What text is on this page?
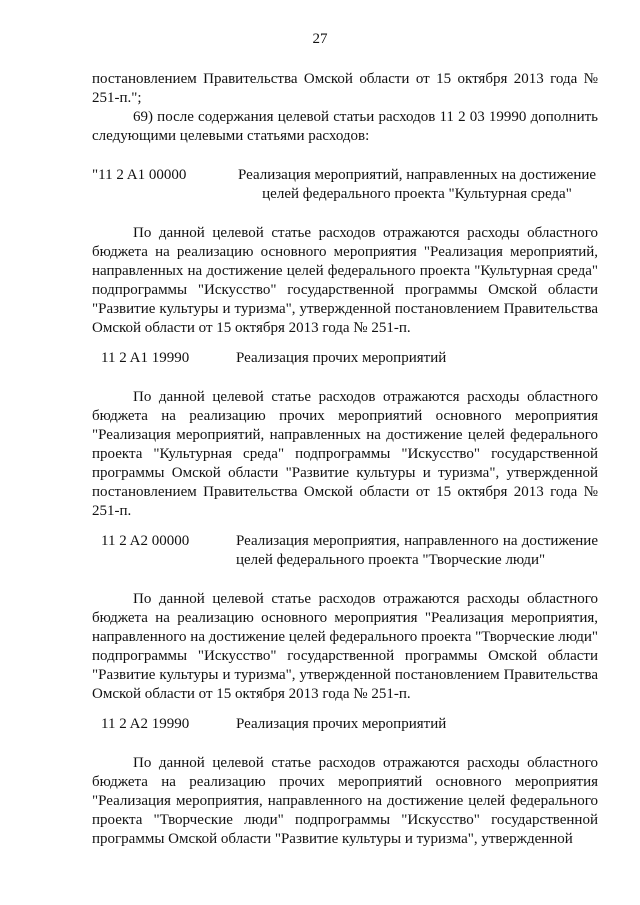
27

постановлением Правительства Омской области от 15 октября 2013 года № 251-п.";

69) после содержания целевой статьи расходов 11 2 03 19990 дополнить следующими целевыми статьями расходов:

"11 2 A1 00000	Реализация мероприятий, направленных на достижение целей федерального проекта "Культурная среда"

По данной целевой статье расходов отражаются расходы областного бюджета на реализацию основного мероприятия "Реализация мероприятий, направленных на достижение целей федерального проекта "Культурная среда" подпрограммы "Искусство" государственной программы Омской области "Развитие культуры и туризма", утвержденной постановлением Правительства Омской области от 15 октября 2013 года № 251-п.

11 2 A1 19990	Реализация прочих мероприятий

По данной целевой статье расходов отражаются расходы областного бюджета на реализацию прочих мероприятий основного мероприятия "Реализация мероприятий, направленных на достижение целей федерального проекта "Культурная среда" подпрограммы "Искусство" государственной программы Омской области "Развитие культуры и туризма", утвержденной постановлением Правительства Омской области от 15 октября 2013 года № 251-п.

11 2 A2 00000	Реализация мероприятия, направленного на достижение целей федерального проекта "Творческие люди"

По данной целевой статье расходов отражаются расходы областного бюджета на реализацию основного мероприятия "Реализация мероприятия, направленного на достижение целей федерального проекта "Творческие люди" подпрограммы "Искусство" государственной программы Омской области "Развитие культуры и туризма", утвержденной постановлением Правительства Омской области от 15 октября 2013 года № 251-п.

11 2 A2 19990	Реализация прочих мероприятий

По данной целевой статье расходов отражаются расходы областного бюджета на реализацию прочих мероприятий основного мероприятия "Реализация мероприятия, направленного на достижение целей федерального проекта "Творческие люди" подпрограммы "Искусство" государственной программы Омской области "Развитие культуры и туризма", утвержденной
